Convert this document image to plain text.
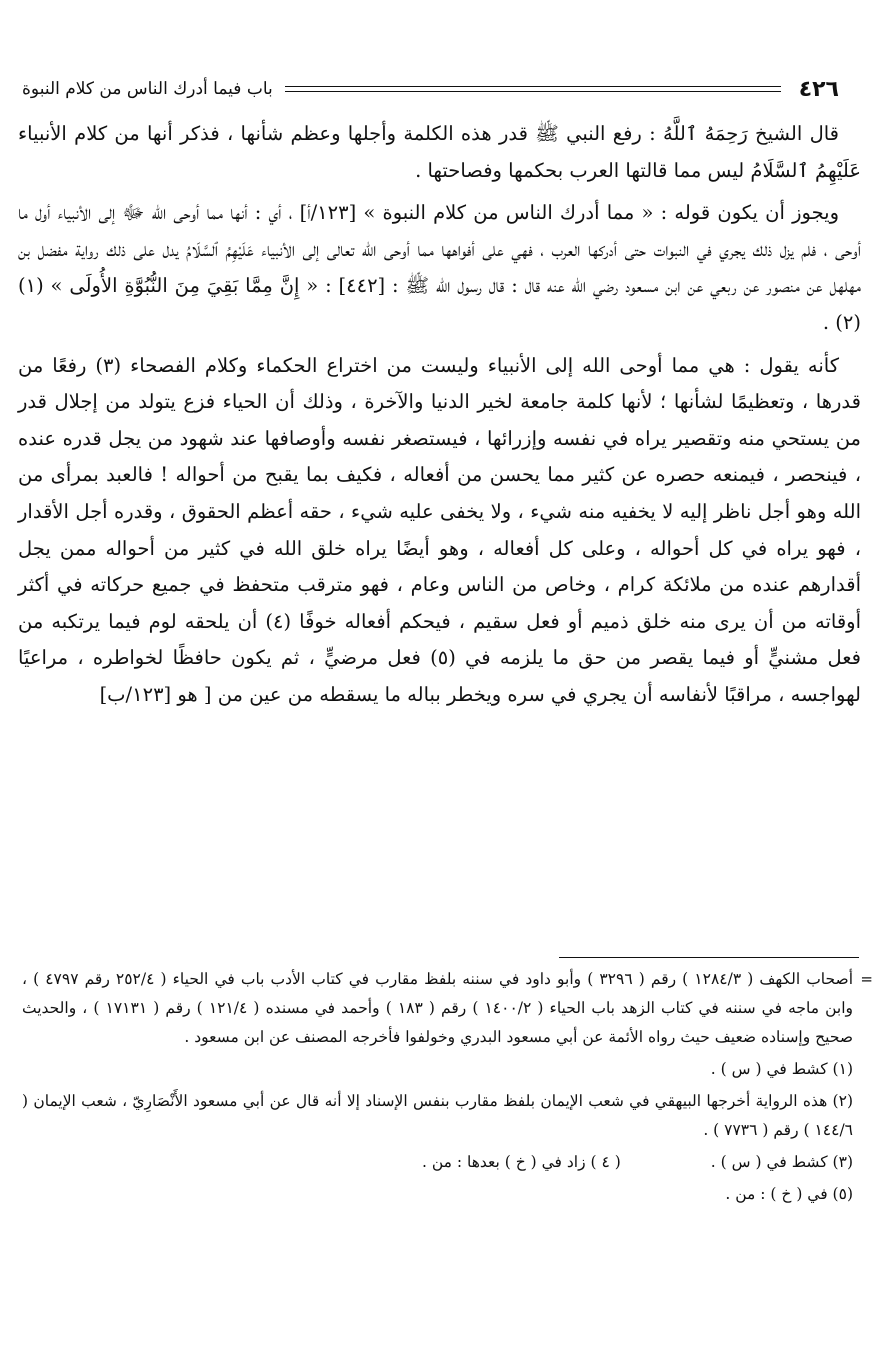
٤٢٦
باب فيما أدرك الناس من كلام النبوة

قال الشيخ رَحِمَهُ ٱللَّهُ : رفع النبي ﷺ قدر هذه الكلمة وأجلها وعظم شأنها ، فذكر أنها من كلام الأنبياء عَلَيْهِمُ ٱلسَّلَامُ ليس مما قالتها العرب بحكمها وفصاحتها .

ويجوز أن يكون قوله : « مما أدرك الناس من كلام النبوة » [١٢٣/أ] ، أي : أنها مما أوحى الله ﷻ إلى الأنبياء أول ما أوحى ، فلم يزل ذلك يجري في النبوات حتى أدركها العرب ، فهي على أفواهها مما أوحى الله تعالى إلى الأنبياء عَلَيْهِمُ ٱلسَّلَامُ يدل على ذلك رواية مفضل بن مهلهل عن منصور عن ربعي عن ابن مسعود رضي الله عنه قال : قال رسول الله ﷺ : [٤٤٢] : « إِنَّ مِمَّا بَقِيَ مِنَ النُّبُوَّةِ الأُولَى » (١) (٢) .

كأنه يقول : هي مما أوحى الله إلى الأنبياء وليست من اختراع الحكماء وكلام الفصحاء (٣) رفعًا من قدرها ، وتعظيمًا لشأنها ؛ لأنها كلمة جامعة لخير الدنيا والآخرة ، وذلك أن الحياء فزع يتولد من إجلال قدر من يستحي منه وتقصير يراه في نفسه وإزرائها ، فيستصغر نفسه وأوصافها عند شهود من يجل قدره عنده ، فينحصر ، فيمنعه حصره عن كثير مما يحسن من أفعاله ، فكيف بما يقبح من أحواله ! فالعبد بمرأى من الله وهو أجل ناظر إليه لا يخفيه منه شيء ، ولا يخفى عليه شيء ، حقه أعظم الحقوق ، وقدره أجل الأقدار ، فهو يراه في كل أحواله ، وعلى كل أفعاله ، وهو أيضًا يراه خلق الله في كثير من أحواله ممن يجل أقدارهم عنده من ملائكة كرام ، وخاص من الناس وعام ، فهو مترقب متحفظ في جميع حركاته في أكثر أوقاته من أن يرى منه خلق ذميم أو فعل سقيم ، فيحكم أفعاله خوفًا (٤) أن يلحقه لوم فيما يرتكبه من فعل مشنيٍّ أو فيما يقصر من حق ما يلزمه في (٥) فعل مرضيٍّ ، ثم يكون حافظًا لخواطره ، مراعيًا لهواجسه ، مراقبًا لأنفاسه أن يجري في سره ويخطر بباله ما يسقطه من عين من [ هو [١٢٣/ب]

=
أصحاب الكهف ( ١٢٨٤/٣ ) رقم ( ٣٢٩٦ ) وأبو داود في سننه بلفظ مقارب في كتاب الأدب باب في الحياء ( ٢٥٢/٤ رقم ٤٧٩٧ ) ، وابن ماجه في سننه في كتاب الزهد باب الحياء ( ١٤٠٠/٢ ) رقم ( ١٨٣ ) وأحمد في مسنده ( ١٢١/٤ ) رقم ( ١٧١٣١ ) ، والحديث صحيح وإسناده ضعيف حيث رواه الأئمة عن أبي مسعود البدري وخولفوا فأخرجه المصنف عن ابن مسعود .

(١) كشط في ( س ) .

(٢) هذه الرواية أخرجها البيهقي في شعب الإيمان بلفظ مقارب بنفس الإسناد إلا أنه قال عن أبي مسعود الأَنْصَارِيّ ، شعب الإيمان ( ١٤٤/٦ ) رقم ( ٧٧٣٦ ) .

(٣) كشط في ( س ) .
( ٤ ) زاد في ( خ ) بعدها : من .

(٥) في ( خ ) : من .
